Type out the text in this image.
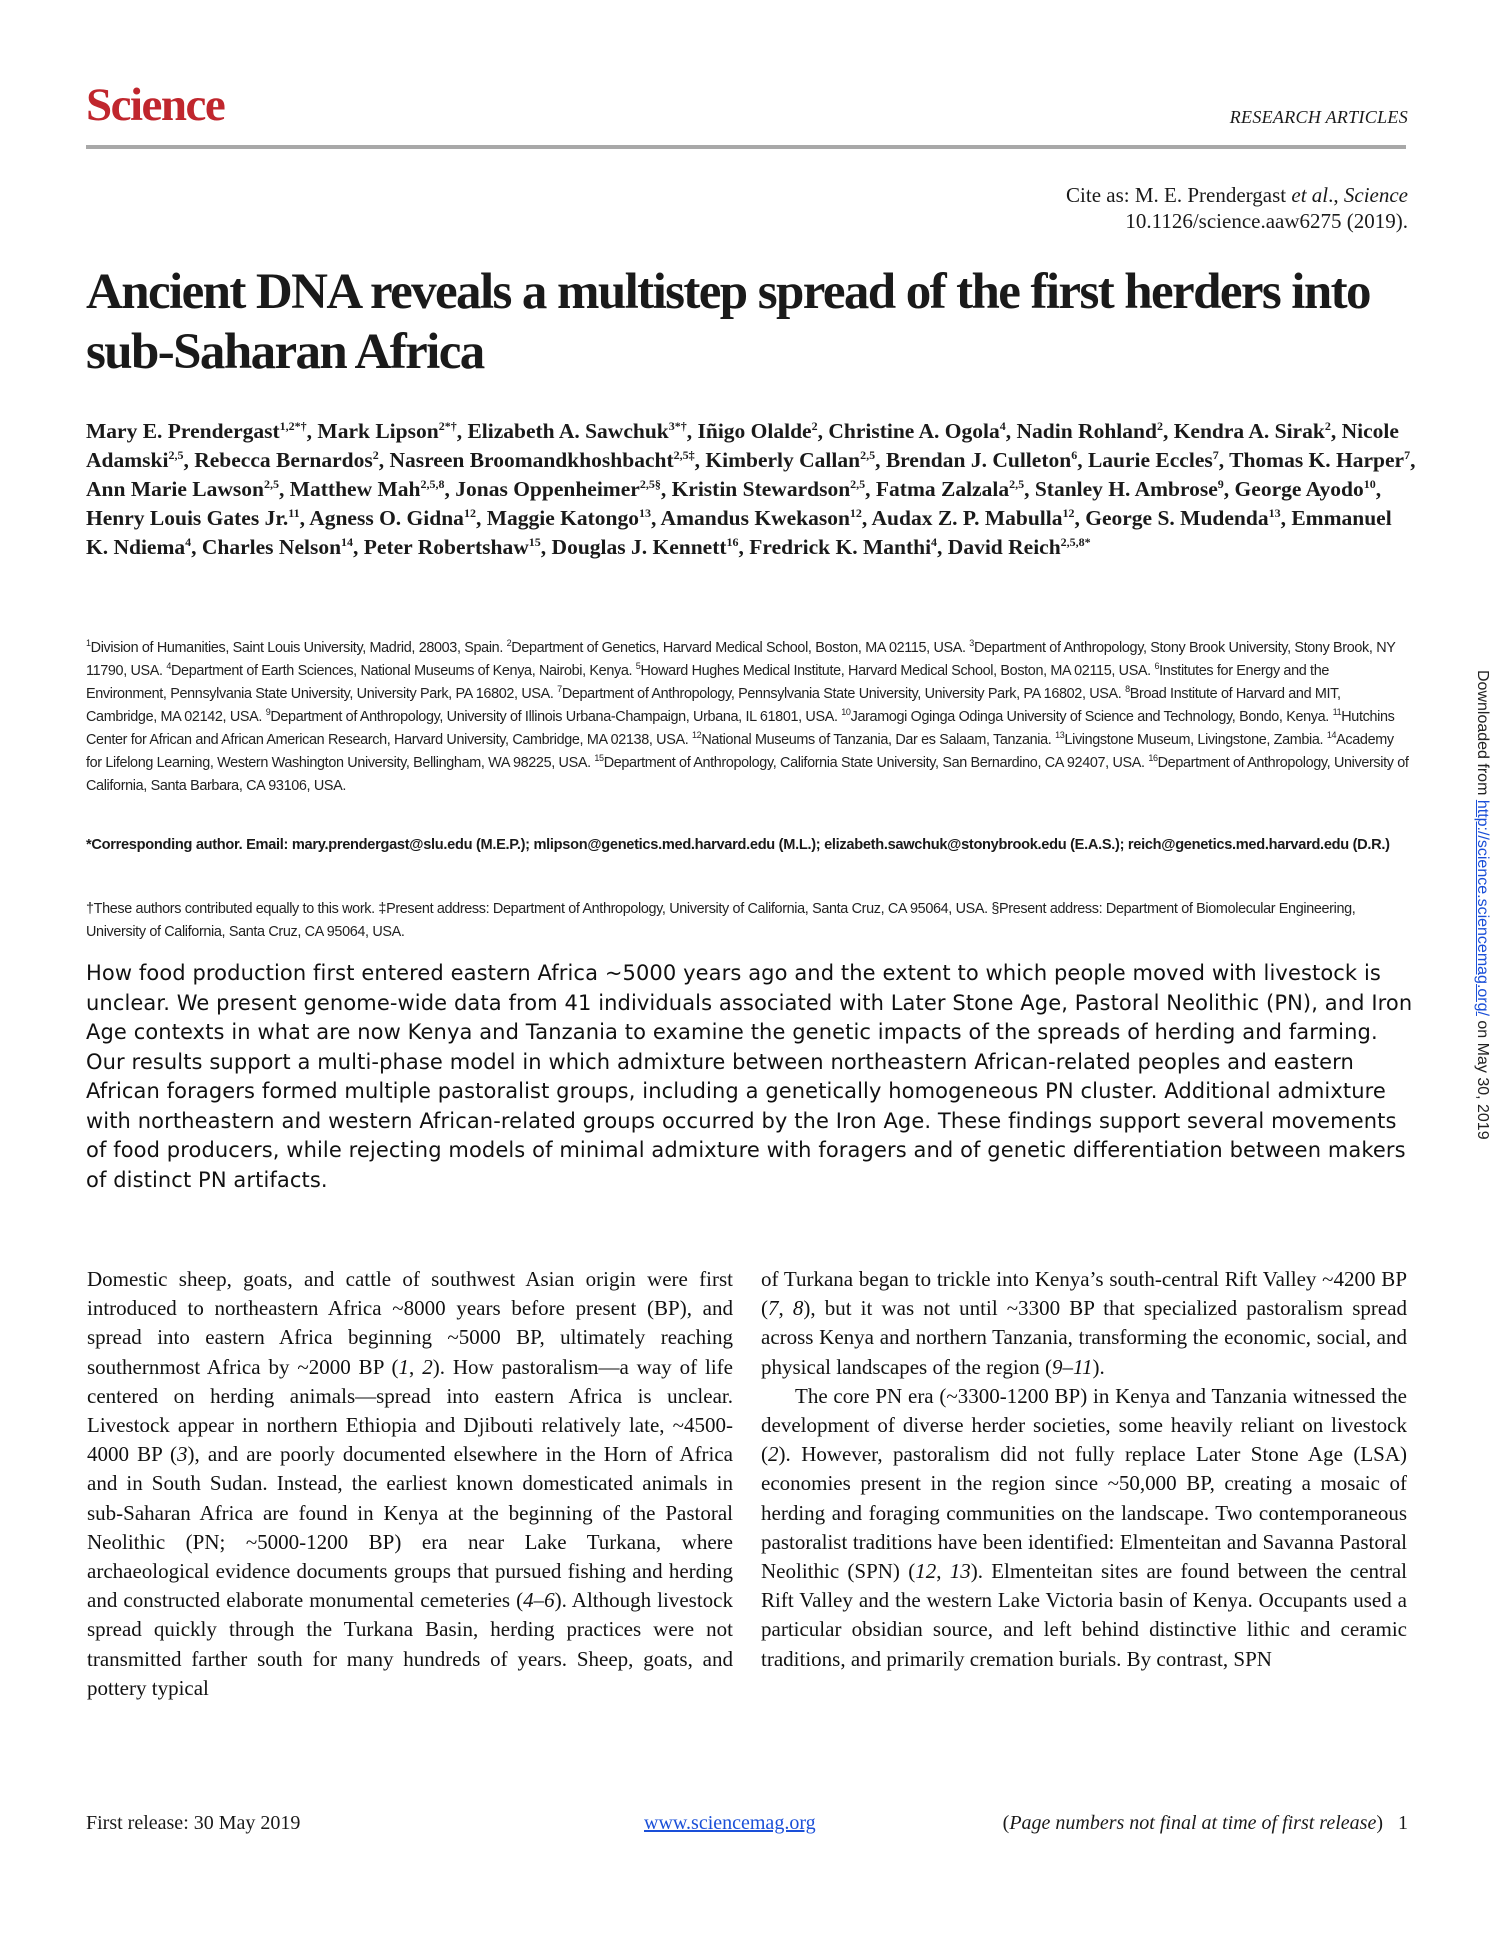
Science	RESEARCH ARTICLES
Cite as: M. E. Prendergast et al., Science
10.1126/science.aaw6275 (2019).
Ancient DNA reveals a multistep spread of the first herders into sub-Saharan Africa

Mary E. Prendergast$^{1,2*\dagger}$, Mark Lipson$^{2*\dagger}$, Elizabeth A. Sawchuk$^{3*\dagger}$, Iñigo Olalde$^2$, Christine A. Ogola$^4$, Nadin Rohland$^2$, Kendra A. Sirak$^2$, Nicole Adamski$^{2,5}$, Rebecca Bernardos$^2$, Nasreen Broomandkhoshbacht$^{2,5\ddagger}$, Kimberly Callan$^{2,5}$, Brendan J. Culleton$^6$, Laurie Eccles$^7$, Thomas K. Harper$^7$, Ann Marie Lawson$^{2,5}$, Matthew Mah$^{2,5,8}$, Jonas Oppenheimer$^{2,5\S}$, Kristin Stewardson$^{2,5}$, Fatma Zalzala$^{2,5}$, Stanley H. Ambrose$^9$, George Ayodo$^{10}$, Henry Louis Gates Jr.$^{11}$, Agness O. Gidna$^{12}$, Maggie Katongo$^{13}$, Amandus Kwekason$^{12}$, Audax Z. P. Mabulla$^{12}$, George S. Mudenda$^{13}$, Emmanuel K. Ndiema$^4$, Charles Nelson$^{14}$, Peter Robertshaw$^{15}$, Douglas J. Kennett$^{16}$, Fredrick K. Manthi$^4$, David Reich$^{2,5,8*}$

$^1$Division of Humanities, Saint Louis University, Madrid, 28003, Spain. $^2$Department of Genetics, Harvard Medical School, Boston, MA 02115, USA. $^3$Department of Anthropology, Stony Brook University, Stony Brook, NY 11790, USA. $^4$Department of Earth Sciences, National Museums of Kenya, Nairobi, Kenya. $^5$Howard Hughes Medical Institute, Harvard Medical School, Boston, MA 02115, USA. $^6$Institutes for Energy and the Environment, Pennsylvania State University, University Park, PA 16802, USA. $^7$Department of Anthropology, Pennsylvania State University, University Park, PA 16802, USA. $^8$Broad Institute of Harvard and MIT, Cambridge, MA 02142, USA. $^9$Department of Anthropology, University of Illinois Urbana-Champaign, Urbana, IL 61801, USA. $^{10}$Jaramogi Oginga Odinga University of Science and Technology, Bondo, Kenya. $^{11}$Hutchins Center for African and African American Research, Harvard University, Cambridge, MA 02138, USA. $^{12}$National Museums of Tanzania, Dar es Salaam, Tanzania. $^{13}$Livingstone Museum, Livingstone, Zambia. $^{14}$Academy for Lifelong Learning, Western Washington University, Bellingham, WA 98225, USA. $^{15}$Department of Anthropology, California State University, San Bernardino, CA 92407, USA. $^{16}$Department of Anthropology, University of California, Santa Barbara, CA 93106, USA.

*Corresponding author. Email: mary.prendergast@slu.edu (M.E.P.); mlipson@genetics.med.harvard.edu (M.L.); elizabeth.sawchuk@stonybrook.edu (E.A.S.); reich@genetics.med.harvard.edu (D.R.)

†These authors contributed equally to this work. ‡Present address: Department of Anthropology, University of California, Santa Cruz, CA 95064, USA. §Present address: Department of Biomolecular Engineering, University of California, Santa Cruz, CA 95064, USA.

How food production first entered eastern Africa ~5000 years ago and the extent to which people moved with livestock is unclear. We present genome-wide data from 41 individuals associated with Later Stone Age, Pastoral Neolithic (PN), and Iron Age contexts in what are now Kenya and Tanzania to examine the genetic impacts of the spreads of herding and farming. Our results support a multi-phase model in which admixture between northeastern African-related peoples and eastern African foragers formed multiple pastoralist groups, including a genetically homogeneous PN cluster. Additional admixture with northeastern and western African-related groups occurred by the Iron Age. These findings support several movements of food producers, while rejecting models of minimal admixture with foragers and of genetic differentiation between makers of distinct PN artifacts.

Domestic sheep, goats, and cattle of southwest Asian origin were first introduced to northeastern Africa ~8000 years before present (BP), and spread into eastern Africa beginning ~5000 BP, ultimately reaching southernmost Africa by ~2000 BP (1, 2). How pastoralism—a way of life centered on herding animals—spread into eastern Africa is unclear. Livestock appear in northern Ethiopia and Djibouti relatively late, ~4500-4000 BP (3), and are poorly documented elsewhere in the Horn of Africa and in South Sudan. Instead, the earliest known domesticated animals in sub-Saharan Africa are found in Kenya at the beginning of the Pastoral Neolithic (PN; ~5000-1200 BP) era near Lake Turkana, where archaeological evidence documents groups that pursued fishing and herding and constructed elaborate monumental cemeteries (4–6). Although livestock spread quickly through the Turkana Basin, herding practices were not transmitted farther south for many hundreds of years. Sheep, goats, and pottery typical

of Turkana began to trickle into Kenya’s south-central Rift Valley ~4200 BP (7, 8), but it was not until ~3300 BP that specialized pastoralism spread across Kenya and northern Tanzania, transforming the economic, social, and physical landscapes of the region (9–11).

The core PN era (~3300-1200 BP) in Kenya and Tanzania witnessed the development of diverse herder societies, some heavily reliant on livestock (2). However, pastoralism did not fully replace Later Stone Age (LSA) economies present in the region since ~50,000 BP, creating a mosaic of herding and foraging communities on the landscape. Two contemporaneous pastoralist traditions have been identified: Elmenteitan and Savanna Pastoral Neolithic (SPN) (12, 13). Elmenteitan sites are found between the central Rift Valley and the western Lake Victoria basin of Kenya. Occupants used a particular obsidian source, and left behind distinctive lithic and ceramic traditions, and primarily cremation burials. By contrast, SPN

Downloaded from http://science.sciencemag.org/ on May 30, 2019
First release: 30 May 2019	www.sciencemag.org	(Page numbers not final at time of first release)   1
